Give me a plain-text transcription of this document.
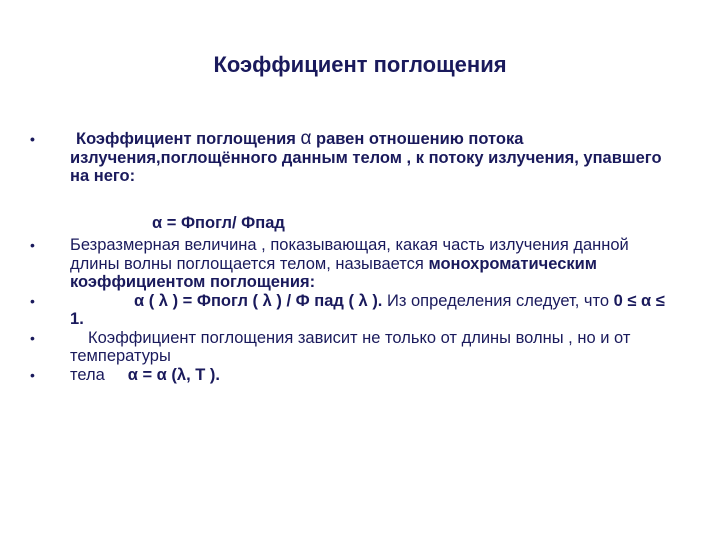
Коэффициент поглощения
• Коэффициент поглощения α равен отношению потока излучения,поглощённого данным телом , к потоку излучения, упавшего на него:
α = Фпогл/ Фпад
• Безразмерная величина , показывающая, какая часть излучения данной длины волны поглощается телом, называется монохроматическим коэффициентом поглощения:
•	α ( λ ) = Фпогл ( λ ) / Ф пад ( λ ). Из определения следует, что 0 ≤ α ≤ 1.
•	Коэффициент поглощения зависит не только от длины волны , но и от температуры
• тела     α = α (λ, T ).
